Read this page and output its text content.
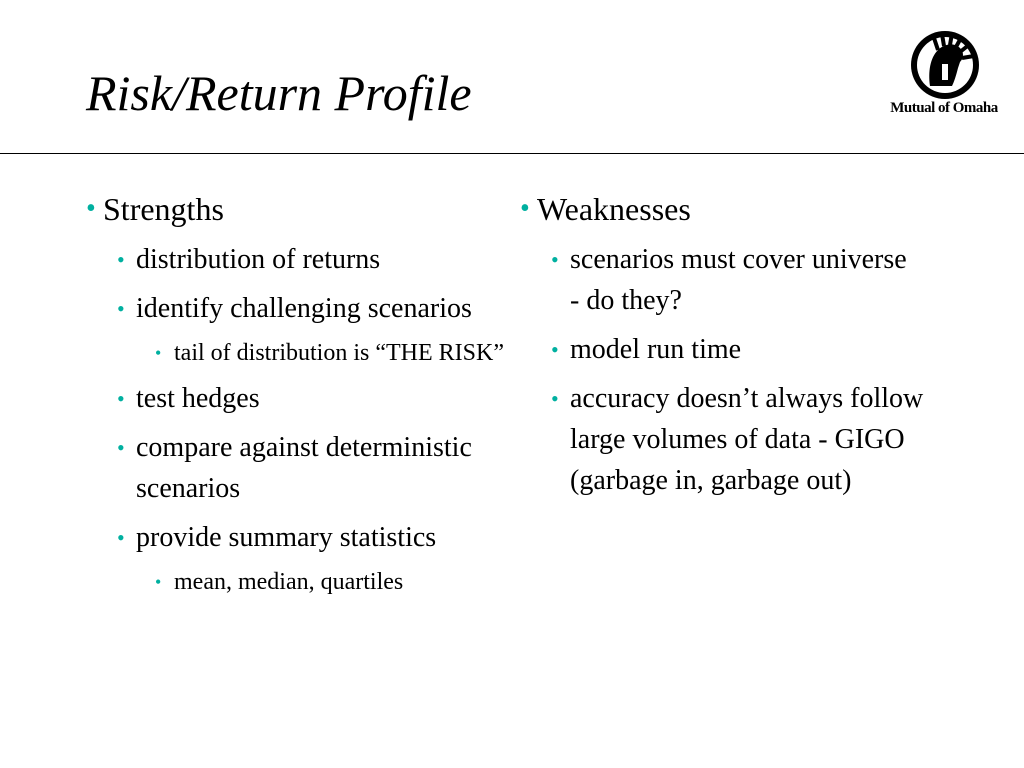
Risk/Return Profile	Mutual of Omaha
• Strengths
• distribution of returns
• identify challenging scenarios
• tail of distribution is “THE RISK”
• test hedges
• compare against deterministic scenarios
• provide summary statistics
• mean, median, quartiles
• Weaknesses
• scenarios must cover universe - do they?
• model run time
• accuracy doesn’t always follow large volumes of data - GIGO (garbage in, garbage out)
